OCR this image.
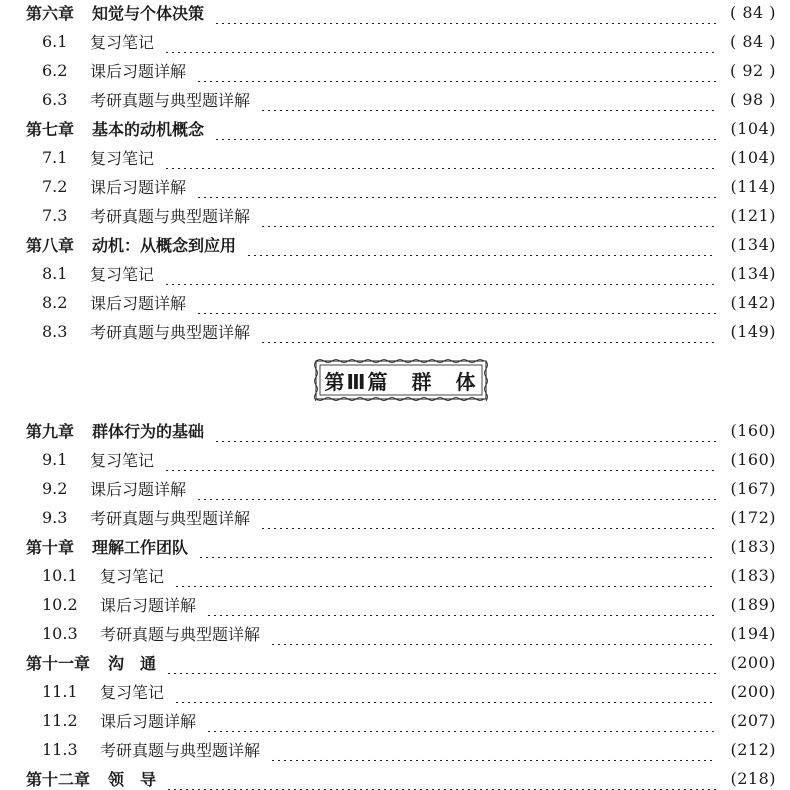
第六章 知觉与个体决策	( 84 )
6.1	复习笔记	( 84 )
6.2	课后习题详解	( 92 )
6.3	考研真题与典型题详解	( 98 )
第七章 基本的动机概念	(104)
7.1	复习笔记	(104)
7.2	课后习题详解	(114)
7.3	考研真题与典型题详解	(121)
第八章 动机：从概念到应用	(134)
8.1	复习笔记	(134)
8.2	课后习题详解	(142)
8.3	考研真题与典型题详解	(149)
第Ⅲ篇　群　体
第九章 群体行为的基础	(160)
9.1	复习笔记	(160)
9.2	课后习题详解	(167)
9.3	考研真题与典型题详解	(172)
第十章 理解工作团队	(183)
10.1	复习笔记	(183)
10.2	课后习题详解	(189)
10.3	考研真题与典型题详解	(194)
第十一章 沟　通	(200)
11.1	复习笔记	(200)
11.2	课后习题详解	(207)
11.3	考研真题与典型题详解	(212)
第十二章 领　导	(218)
